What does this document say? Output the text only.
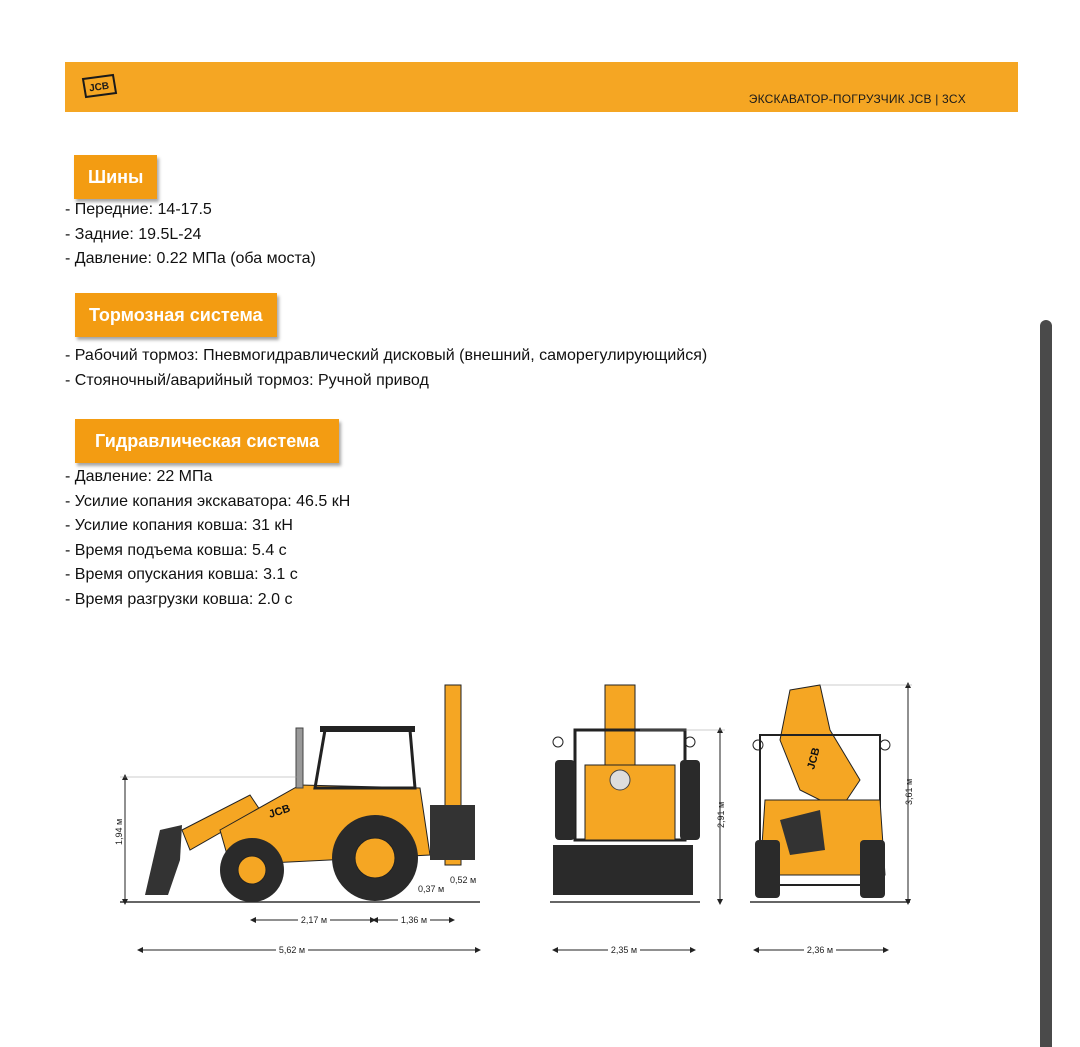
JCB
ЭКСКАВАТОР-ПОГРУЗЧИК JCB | 3CX
Шины
- Передние: 14-17.5
- Задние: 19.5L-24
- Давление: 0.22 МПа (оба моста)
Тормозная система
- Рабочий тормоз: Пневмогидравлический дисковый (внешний, саморегулирующийся)
- Стояночный/аварийный тормоз: Ручной привод
Гидравлическая система
- Давление: 22 МПа
- Усилие копания экскаватора: 46.5 кН
- Усилие копания ковша: 31 кН
- Время подъема ковша: 5.4 с
- Время опускания ковша: 3.1 с
- Время разгрузки ковша: 2.0 с
JCB
1,94 м
2,17 м	1,36 м
5,62 м
0,37 м
0,52 м
2,91 м
2,35 м
JCB
3,61 м
2,36 м
